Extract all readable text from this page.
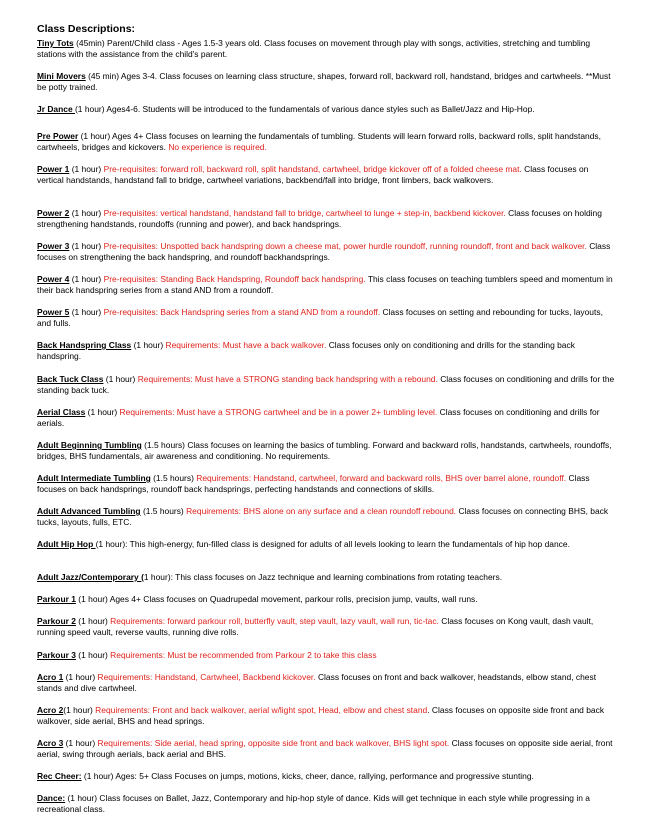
Class Descriptions:

Tiny Tots (45min) Parent/Child class - Ages 1.5-3 years old. Class focuses on movement through play with songs, activities, stretching and tumbling stations with the assistance from the child's parent.

Mini Movers (45 min) Ages 3-4. Class focuses on learning class structure, shapes, forward roll, backward roll, handstand, bridges and cartwheels. **Must be potty trained.

Jr Dance (1 hour) Ages4-6. Students will be introduced to the fundamentals of various dance styles such as Ballet/Jazz and Hip-Hop.

Pre Power (1 hour) Ages 4+ Class focuses on learning the fundamentals of tumbling. Students will learn forward rolls, backward rolls, split handstands, cartwheels, bridges and kickovers. No experience is required.

Power 1 (1 hour) Pre-requisites: forward roll, backward roll, split handstand, cartwheel, bridge kickover off of a folded cheese mat. Class focuses on vertical handstands, handstand fall to bridge, cartwheel variations, backbend/fall into bridge, front limbers, back walkovers.

Power 2 (1 hour) Pre-requisites: vertical handstand, handstand fall to bridge, cartwheel to lunge + step-in, backbend kickover. Class focuses on holding strengthening handstands, roundoffs (running and power), and back handsprings.

Power 3 (1 hour) Pre-requisites: Unspotted back handspring down a cheese mat, power hurdle roundoff, running roundoff, front and back walkover. Class focuses on strengthening the back handspring, and roundoff backhandsprings.

Power 4 (1 hour) Pre-requisites: Standing Back Handspring, Roundoff back handspring. This class focuses on teaching tumblers speed and momentum in their back handspring series from a stand AND from a roundoff.

Power 5 (1 hour) Pre-requisites: Back Handspring series from a stand AND from a roundoff. Class focuses on setting and rebounding for tucks, layouts, and fulls.

Back Handspring Class (1 hour) Requirements: Must have a back walkover. Class focuses only on conditioning and drills for the standing back handspring.

Back Tuck Class (1 hour) Requirements: Must have a STRONG standing back handspring with a rebound. Class focuses on conditioning and drills for the standing back tuck.

Aerial Class (1 hour) Requirements: Must have a STRONG cartwheel and be in a power 2+ tumbling level. Class focuses on conditioning and drills for aerials.

Adult Beginning Tumbling (1.5 hours) Class focuses on learning the basics of tumbling. Forward and backward rolls, handstands, cartwheels, roundoffs, bridges, BHS fundamentals, air awareness and conditioning. No requirements.

Adult Intermediate Tumbling (1.5 hours) Requirements: Handstand, cartwheel, forward and backward rolls, BHS over barrel alone, roundoff. Class focuses on back handsprings, roundoff back handsprings, perfecting handstands and connections of skills.

Adult Advanced Tumbling (1.5 hours) Requirements: BHS alone on any surface and a clean roundoff rebound. Class focuses on connecting BHS, back tucks, layouts, fulls, ETC.

Adult Hip Hop (1 hour): This high-energy, fun-filled class is designed for adults of all levels looking to learn the fundamentals of hip hop dance.

Adult Jazz/Contemporary (1 hour): This class focuses on Jazz technique and learning combinations from rotating teachers.

Parkour 1 (1 hour) Ages 4+ Class focuses on Quadrupedal movement, parkour rolls, precision jump, vaults, wall runs.

Parkour 2 (1 hour) Requirements: forward parkour roll, butterfly vault, step vault, lazy vault, wall run, tic-tac. Class focuses on Kong vault, dash vault, running speed vault, reverse vaults, running dive rolls.

Parkour 3 (1 hour) Requirements: Must be recommended from Parkour 2 to take this class

Acro 1 (1 hour) Requirements: Handstand, Cartwheel, Backbend kickover. Class focuses on front and back walkover, headstands, elbow stand, chest stands and dive cartwheel.

Acro 2(1 hour) Requirements: Front and back walkover, aerial w/light spot, Head, elbow and chest stand. Class focuses on opposite side front and back walkover, side aerial, BHS and head springs.

Acro 3 (1 hour) Requirements: Side aerial, head spring, opposite side front and back walkover, BHS light spot. Class focuses on opposite side aerial, front aerial, swing through aerials, back aerial and BHS.

Rec Cheer: (1 hour) Ages: 5+ Class Focuses on jumps, motions, kicks, cheer, dance, rallying, performance and progressive stunting.

Dance: (1 hour) Class focuses on Ballet, Jazz, Contemporary and hip-hop style of dance. Kids will get technique in each style while progressing in a recreational class.
